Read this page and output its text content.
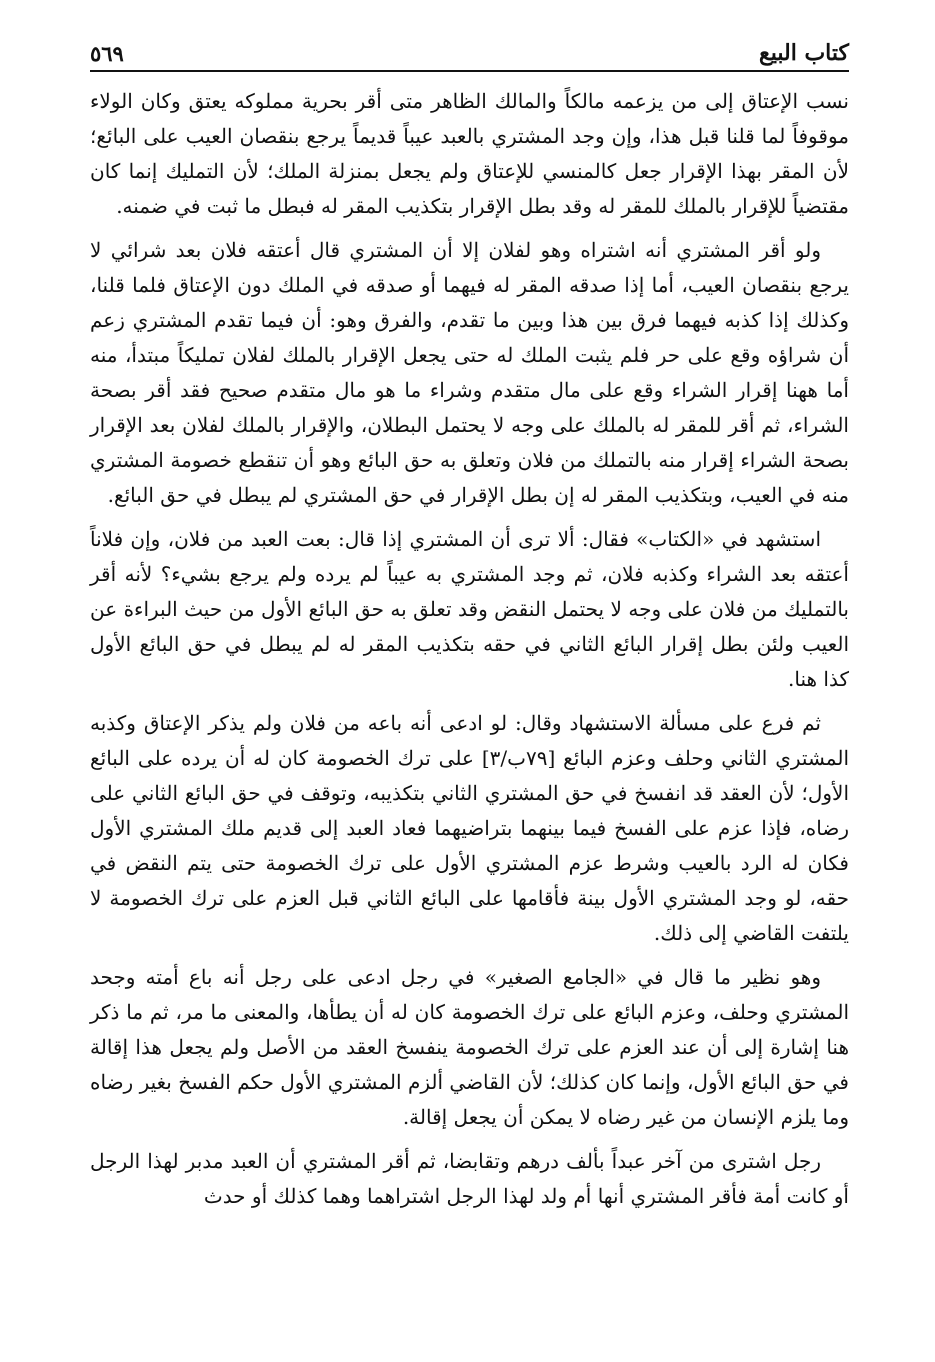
كتاب البيع
٥٦٩

نسب الإعتاق إلى من يزعمه مالكاً والمالك الظاهر متى أقر بحرية مملوكه يعتق وكان الولاء موقوفاً لما قلنا قبل هذا، وإن وجد المشتري بالعبد عيباً قديماً يرجع بنقصان العيب على البائع؛ لأن المقر بهذا الإقرار جعل كالمنسي للإعتاق ولم يجعل بمنزلة الملك؛ لأن التمليك إنما كان مقتضياً للإقرار بالملك للمقر له وقد بطل الإقرار بتكذيب المقر له فبطل ما ثبت في ضمنه.

ولو أقر المشتري أنه اشتراه وهو لفلان إلا أن المشتري قال أعتقه فلان بعد شرائي لا يرجع بنقصان العيب، أما إذا صدقه المقر له فيهما أو صدقه في الملك دون الإعتاق فلما قلنا، وكذلك إذا كذبه فيهما فرق بين هذا وبين ما تقدم، والفرق وهو: أن فيما تقدم المشتري زعم أن شراؤه وقع على حر فلم يثبت الملك له حتى يجعل الإقرار بالملك لفلان تمليكاً مبتدأ، منه أما ههنا إقرار الشراء وقع على مال متقدم وشراء ما هو مال متقدم صحيح فقد أقر بصحة الشراء، ثم أقر للمقر له بالملك على وجه لا يحتمل البطلان، والإقرار بالملك لفلان بعد الإقرار بصحة الشراء إقرار منه بالتملك من فلان وتعلق به حق البائع وهو أن تنقطع خصومة المشتري منه في العيب، وبتكذيب المقر له إن بطل الإقرار في حق المشتري لم يبطل في حق البائع.

استشهد في «الكتاب» فقال: ألا ترى أن المشتري إذا قال: بعت العبد من فلان، وإن فلاناً أعتقه بعد الشراء وكذبه فلان، ثم وجد المشتري به عيباً لم يرده ولم يرجع بشيء؟ لأنه أقر بالتمليك من فلان على وجه لا يحتمل النقض وقد تعلق به حق البائع الأول من حيث البراءة عن العيب ولئن بطل إقرار البائع الثاني في حقه بتكذيب المقر له لم يبطل في حق البائع الأول كذا هنا.

ثم فرع على مسألة الاستشهاد وقال: لو ادعى أنه باعه من فلان ولم يذكر الإعتاق وكذبه المشتري الثاني وحلف وعزم البائع [٧٩ب/٣] على ترك الخصومة كان له أن يرده على البائع الأول؛ لأن العقد قد انفسخ في حق المشتري الثاني بتكذيبه، وتوقف في حق البائع الثاني على رضاه، فإذا عزم على الفسخ فيما بينهما بتراضيهما فعاد العبد إلى قديم ملك المشتري الأول فكان له الرد بالعيب وشرط عزم المشتري الأول على ترك الخصومة حتى يتم النقض في حقه، لو وجد المشتري الأول بينة فأقامها على البائع الثاني قبل العزم على ترك الخصومة لا يلتفت القاضي إلى ذلك.

وهو نظير ما قال في «الجامع الصغير» في رجل ادعى على رجل أنه باع أمته وجحد المشتري وحلف، وعزم البائع على ترك الخصومة كان له أن يطأها، والمعنى ما مر، ثم ما ذكر هنا إشارة إلى أن عند العزم على ترك الخصومة ينفسخ العقد من الأصل ولم يجعل هذا إقالة في حق البائع الأول، وإنما كان كذلك؛ لأن القاضي ألزم المشتري الأول حكم الفسخ بغير رضاه وما يلزم الإنسان من غير رضاه لا يمكن أن يجعل إقالة.

رجل اشترى من آخر عبداً بألف درهم وتقابضا، ثم أقر المشتري أن العبد مدبر لهذا الرجل أو كانت أمة فأقر المشتري أنها أم ولد لهذا الرجل اشتراهما وهما كذلك أو حدث
